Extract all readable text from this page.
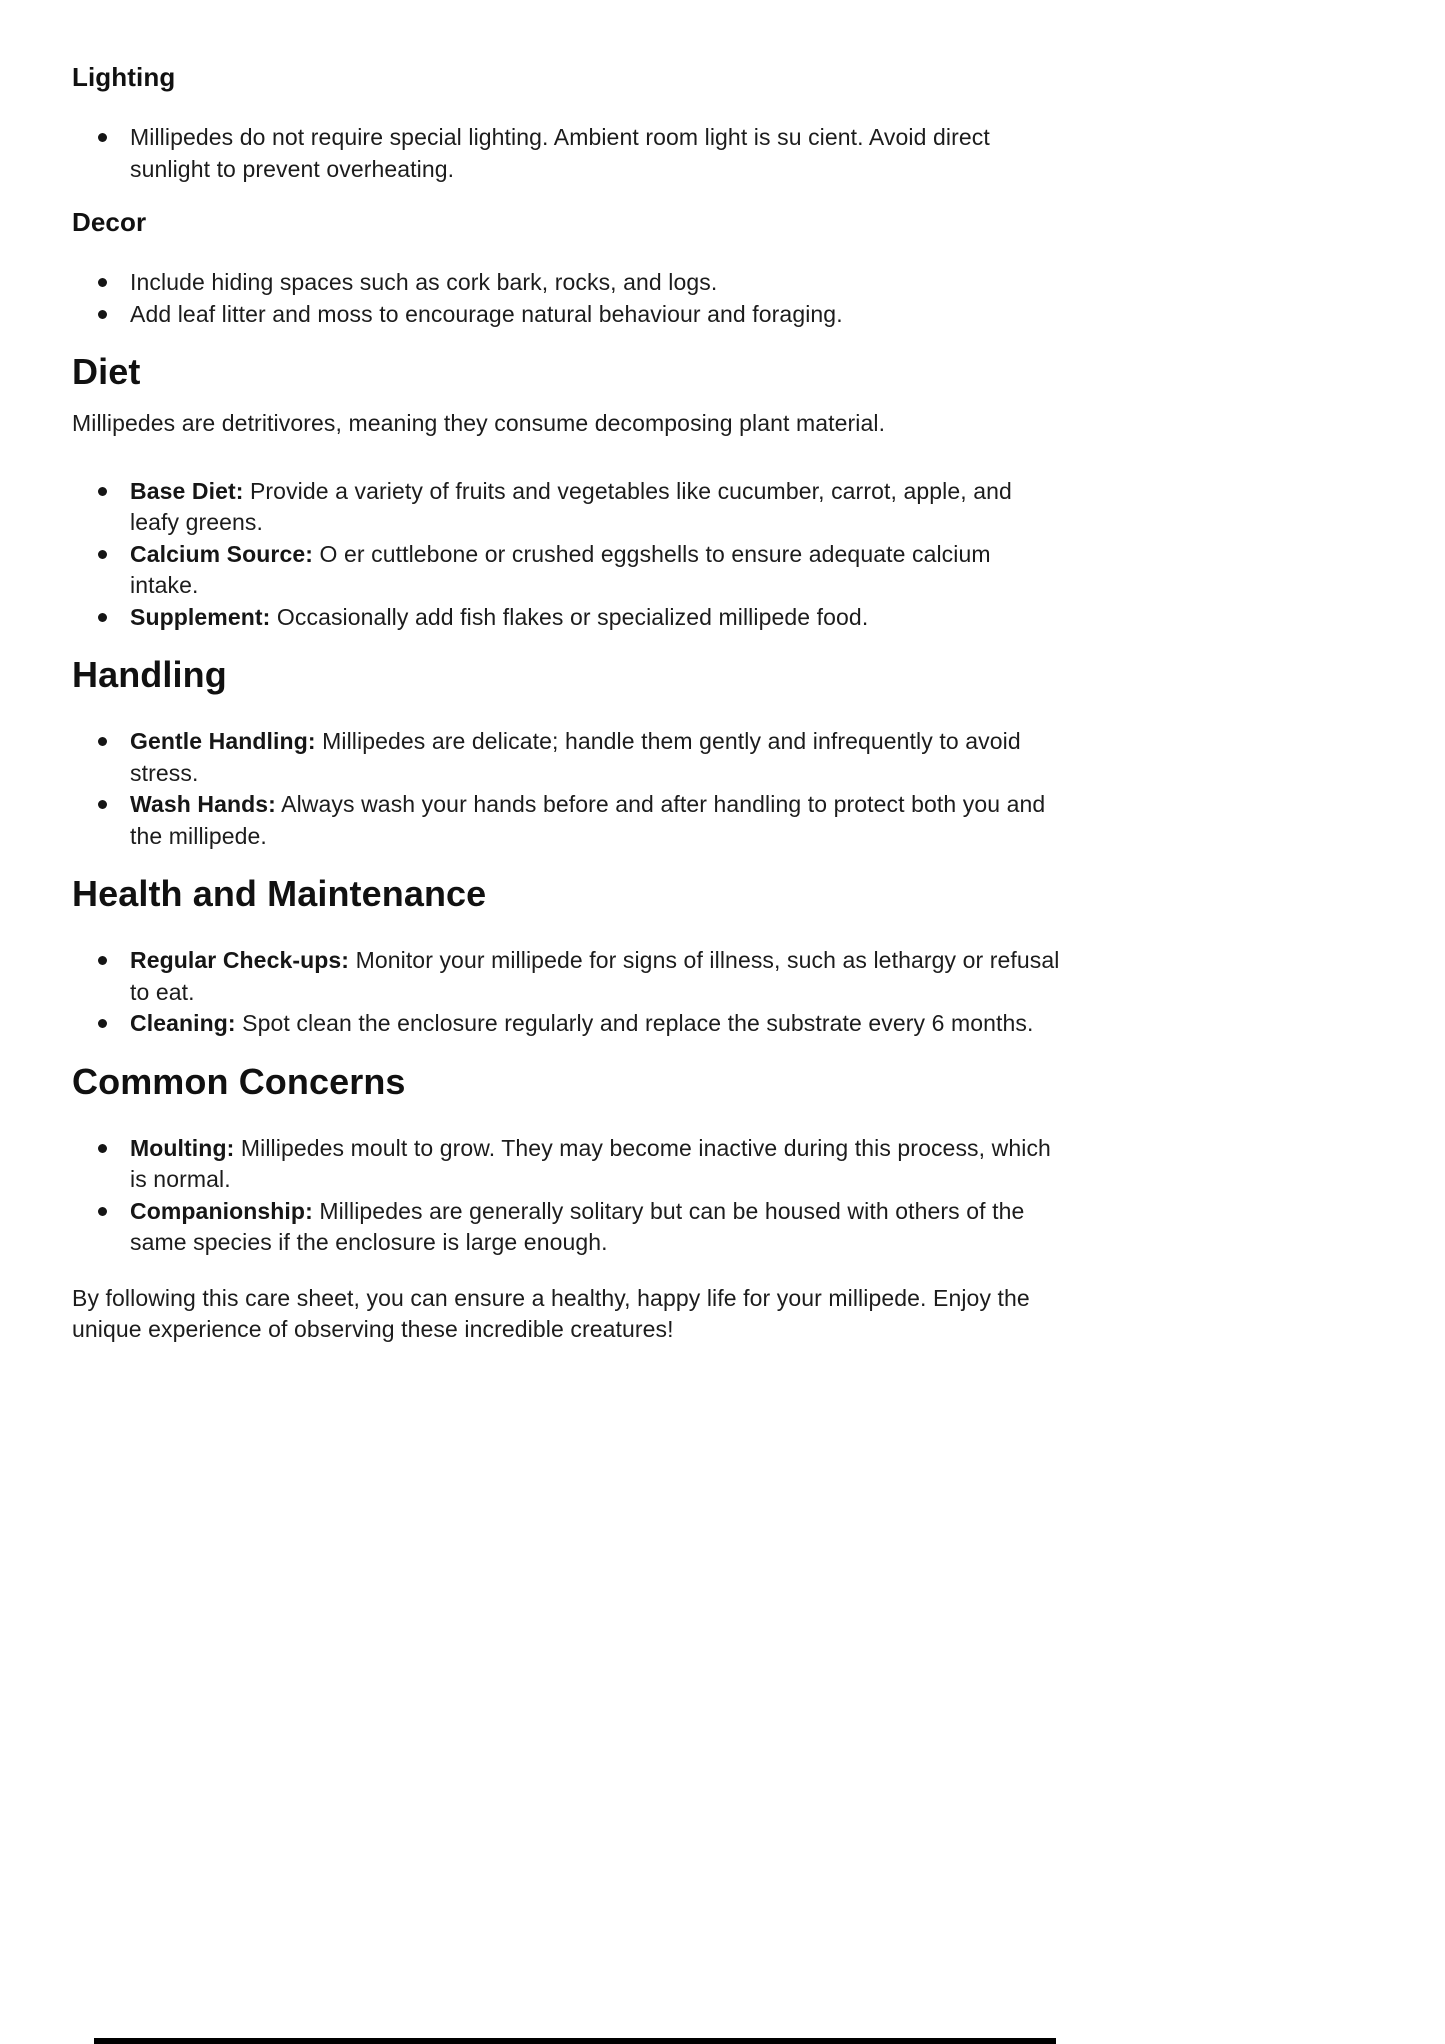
Lighting
Millipedes do not require special lighting. Ambient room light is su cient. Avoid direct sunlight to prevent overheating.
Decor
Include hiding spaces such as cork bark, rocks, and logs.
Add leaf litter and moss to encourage natural behaviour and foraging.
Diet

Millipedes are detritivores, meaning they consume decomposing plant material.

Base Diet: Provide a variety of fruits and vegetables like cucumber, carrot, apple, and leafy greens.
Calcium Source: O er cuttlebone or crushed eggshells to ensure adequate calcium intake.
Supplement: Occasionally add fish flakes or specialized millipede food.
Handling
Gentle Handling: Millipedes are delicate; handle them gently and infrequently to avoid stress.
Wash Hands: Always wash your hands before and after handling to protect both you and the millipede.
Health and Maintenance
Regular Check-ups: Monitor your millipede for signs of illness, such as lethargy or refusal to eat.
Cleaning: Spot clean the enclosure regularly and replace the substrate every 6 months.
Common Concerns
Moulting: Millipedes moult to grow. They may become inactive during this process, which is normal.
Companionship: Millipedes are generally solitary but can be housed with others of the same species if the enclosure is large enough.

By following this care sheet, you can ensure a healthy, happy life for your millipede. Enjoy the unique experience of observing these incredible creatures!
